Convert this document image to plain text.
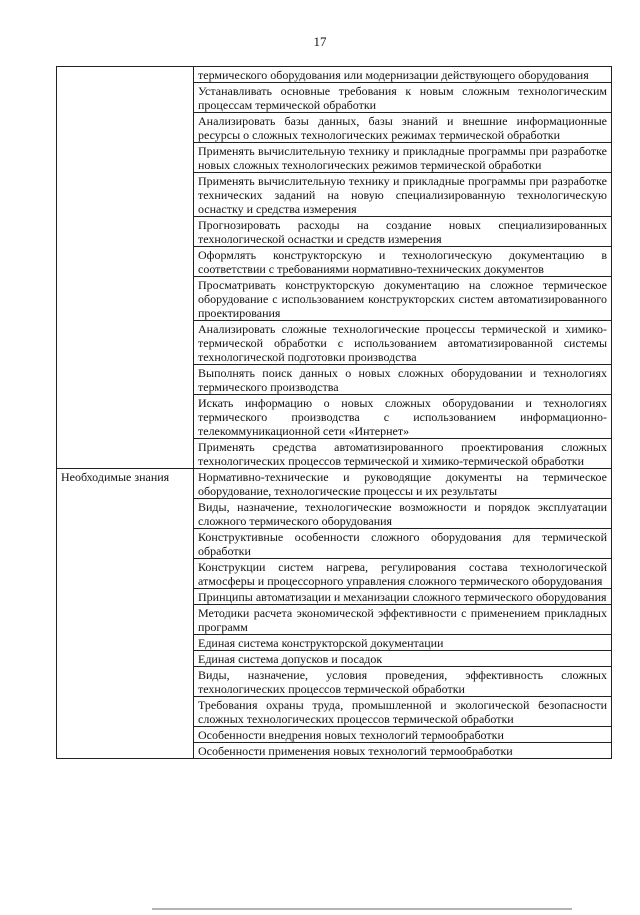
17
	термического оборудования или модернизации действующего оборудования
	Устанавливать основные требования к новым сложным технологическим процессам термической обработки
	Анализировать базы данных, базы знаний и внешние информационные ресурсы о сложных технологических режимах термической обработки
	Применять вычислительную технику и прикладные программы при разработке новых сложных технологических режимов термической обработки
	Применять вычислительную технику и прикладные программы при разработке технических заданий на новую специализированную технологическую оснастку и средства измерения
	Прогнозировать расходы на создание новых специализированных технологической оснастки и средств измерения
	Оформлять конструкторскую и технологическую документацию в соответствии с требованиями нормативно-технических документов
	Просматривать конструкторскую документацию на сложное термическое оборудование с использованием конструкторских систем автоматизированного проектирования
	Анализировать сложные технологические процессы термической и химико-термической обработки с использованием автоматизированной системы технологической подготовки производства
	Выполнять поиск данных о новых сложных оборудовании и технологиях термического производства
	Искать информацию о новых сложных оборудовании и технологиях термического производства с использованием информационно-телекоммуникационной сети «Интернет»
	Применять средства автоматизированного проектирования сложных технологических процессов термической и химико-термической обработки
Необходимые знания	Нормативно-технические и руководящие документы на термическое оборудование, технологические процессы и их результаты
	Виды, назначение, технологические возможности и порядок эксплуатации сложного термического оборудования
	Конструктивные особенности сложного оборудования для термической обработки
	Конструкции систем нагрева, регулирования состава технологической атмосферы и процессорного управления сложного термического оборудования
	Принципы автоматизации и механизации сложного термического оборудования
	Методики расчета экономической эффективности с применением прикладных программ
	Единая система конструкторской документации
	Единая система допусков и посадок
	Виды, назначение, условия проведения, эффективность сложных технологических процессов термической обработки
	Требования охраны труда, промышленной и экологической безопасности сложных технологических процессов термической обработки
	Особенности внедрения новых технологий термообработки
	Особенности применения новых технологий термообработки
